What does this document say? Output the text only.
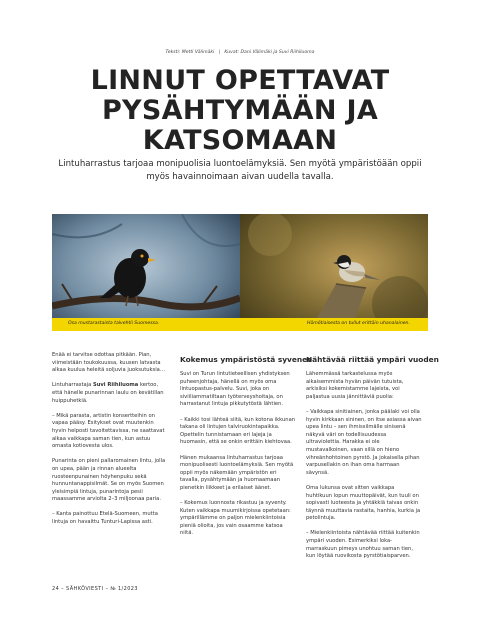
Teksti: Metti Välimäki | Kuvat: Dani Välimäki ja Suvi Riihiluoma
LINNUT OPETTAVAT
PYSÄHTYMÄÄN JA
KATSOMAAN
Lintuharrastus tarjoaa monipuolisia luontoelämyksiä. Sen myötä ympäristöään oppii myös havainnoimaan aivan uudella tavalla.
Osa mustarastaista talvehtii Suomessa.	Hömötiaisesta on tullut erittäin uhanalainen.

Enää ei tarvitse odottaa pitkään. Pian, viimeistään toukokuussa, kuusen latvasta alkaa kuulua heleitä soljuvia juoksutuksia…

Lintuharrastaja Suvi Riihiluoma kertoo, että hänelle punarinnan laulu on kevätillan huippuhetkiä.

– Mikä parasta, artistin konsertteihin on vapaa pääsy. Esitykset ovat muutenkin hyvin helposti tavoitettavissa, ne saattavat alkaa vaikkapa saman tien, kun astuu omasta kotiovesta ulos.

Punarinta on pieni pallaromainen lintu, jolla on upea, pään ja rinnan alueelta ruosteenpunainen höyhenpuku sekä hunnuntanappisilmät. Se on myös Suomen yleisimpiä lintuja, punarintoja pesii maassamme arviolta 2–3 miljoonaa paria.

– Kanta painottuu Etelä-Suomeen, mutta lintuja on havaittu Tunturi-Lapissa asti.

Kokemus ympäristöstä syvenee

Suvi on Turun lintutieteellisen yhdistyksen puheenjohtaja, hänellä on myös oma lintuopastus-palvelu. Suvi, joka on siviiliammatiltaan työterveyshoitaja, on harrastanut lintuja pikkutytöstä lähtien.

– Kaikki tosi lähteä siitä, kun kotona ikkunan takana oli lintujen talviruokintapaikka. Opettelin tunnistamaan eri lajeja ja huomasin, että se onkin erittäin kiehtovaa.

Hänen mukaansa lintuharrastus tarjoaa monipuolisesti luontoelämyksiä. Sen myötä oppii myös näkemään ympäristön eri tavalla, pysähtymään ja huomaamaan pienetkin liikkeet ja erilaiset äänet.

– Kokemus luonnosta rikastuu ja syventy. Kuten vaikkapa muumikirjoissa opetetaan: ympärillämme on paljon mielenkiintoisia pieniä olioita, jos vain osaamme katsoa niitä.

Nähtävää riittää ympäri vuoden

Lähemmässä tarkastelussa myös aikaisemmista hyvän päivän tutuista, arkisiksi kokemistamme lajeista, voi paljastua uusia jännittäviä puolia:

– Vaikkapa sinitiainen, jonka päälaki voi olla hyvin kirkkaan sininen, on itse asiassa aivan upea lintu – sen ihmissilmälle sinisenä näkyvä väri on todellisuudessa ultraviolettia. Harakka ei ole mustavalkoinen, vaan sillä on hieno vihreänhohtoinen pyrstö. Ja jokaisella pihan varpusellakin on ihan oma harmaan sävynsä.

Oma lukunsa ovat sitten vaikkapa huhtikuun lopun muuttopäivät, kun tuuli on sopivasti luoteesta ja yhtäkkiä taivas onkin täynnä muuttavia rastaita, hanhia, kurkia ja petolintuja.

– Mielenkiintoista nähtävää riittää kuitenkin ympäri vuoden. Esimerkiksi loka-marraskuun pimeys unohtuu saman tien, kun löytää ruovikosta pyrstötiaisparven.

24 – SÄHKÖVIESTI – № 1/2023
